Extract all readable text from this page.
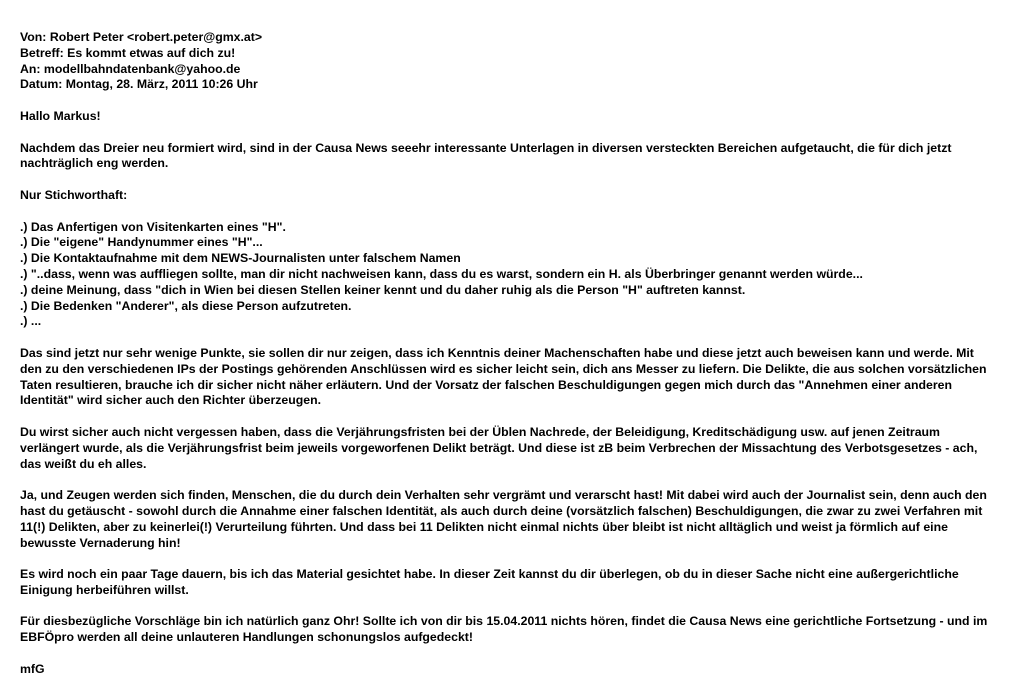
Von: Robert Peter <robert.peter@gmx.at>
Betreff: Es kommt etwas auf dich zu!
An: modellbahndatenbank@yahoo.de
Datum: Montag, 28. März, 2011 10:26 Uhr

Hallo Markus!

Nachdem das Dreier neu formiert wird, sind in der Causa News seeehr interessante Unterlagen in diversen versteckten Bereichen aufgetaucht, die für dich jetzt nachträglich eng werden.

Nur Stichworthaft:

.) Das Anfertigen von Visitenkarten eines "H".
.) Die "eigene" Handynummer eines "H"...
.) Die Kontaktaufnahme mit dem NEWS-Journalisten unter falschem Namen
.) "..dass, wenn was auffliegen sollte, man dir nicht nachweisen kann, dass du es warst, sondern ein H. als Überbringer genannt werden würde...
.) deine Meinung, dass "dich in Wien bei diesen Stellen keiner kennt und du daher ruhig als die Person "H" auftreten kannst.
.) Die Bedenken "Anderer", als diese Person aufzutreten.
.) ...

Das sind jetzt nur sehr wenige Punkte, sie sollen dir nur zeigen, dass ich Kenntnis deiner Machenschaften habe und diese jetzt auch beweisen kann und werde. Mit den zu den verschiedenen IPs der Postings gehörenden Anschlüssen wird es sicher leicht sein, dich ans Messer zu liefern. Die Delikte, die aus solchen vorsätzlichen Taten resultieren, brauche ich dir sicher nicht näher erläutern. Und der Vorsatz der falschen Beschuldigungen gegen mich durch das "Annehmen einer anderen Identität" wird sicher auch den Richter überzeugen.

Du wirst sicher auch nicht vergessen haben, dass die Verjährungsfristen bei der Üblen Nachrede, der Beleidigung, Kreditschädigung usw. auf jenen Zeitraum verlängert wurde, als die Verjährungsfrist beim jeweils vorgeworfenen Delikt beträgt. Und diese ist zB beim Verbrechen der Missachtung des Verbotsgesetzes - ach, das weißt du eh alles.

Ja, und Zeugen werden sich finden, Menschen, die du durch dein Verhalten sehr vergrämt und verarscht hast! Mit dabei wird auch der Journalist sein, denn auch den hast du getäuscht - sowohl durch die Annahme einer falschen Identität, als auch durch deine (vorsätzlich falschen) Beschuldigungen, die zwar zu zwei Verfahren mit 11(!) Delikten, aber zu keinerlei(!) Verurteilung führten. Und dass bei 11 Delikten nicht einmal nichts über bleibt ist nicht alltäglich und weist ja förmlich auf eine bewusste Vernaderung hin!

Es wird noch ein paar Tage dauern, bis ich das Material gesichtet habe. In dieser Zeit kannst du dir überlegen, ob du in dieser Sache nicht eine außergerichtliche Einigung herbeiführen willst.

Für diesbezügliche Vorschläge bin ich natürlich ganz Ohr! Sollte ich von dir bis 15.04.2011 nichts hören, findet die Causa News eine gerichtliche Fortsetzung - und im EBFÖpro werden all deine unlauteren Handlungen schonungslos aufgedeckt!

mfG
